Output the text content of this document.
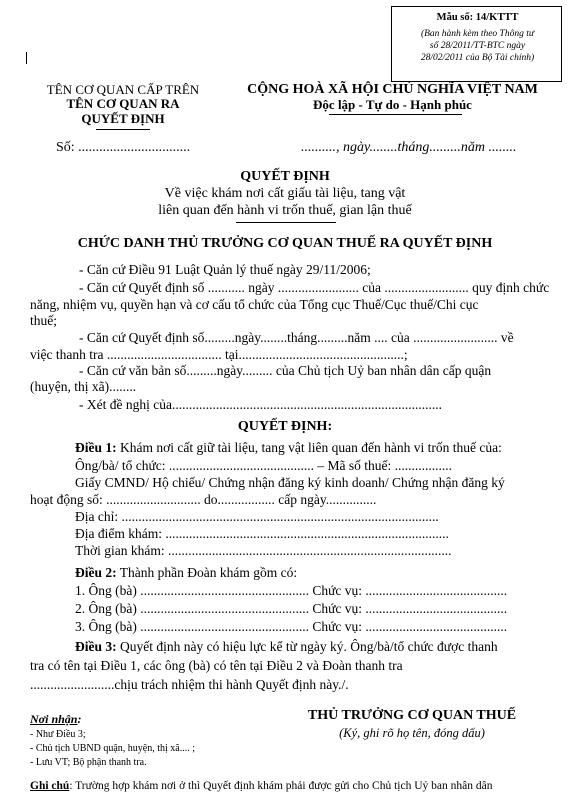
Mẫu số: 14/KTTT
(Ban hành kèm theo Thông tư
số 28/2011/TT-BTC ngày
28/02/2011 của Bộ Tài chính)
TÊN CƠ QUAN CẤP TRÊN
TÊN CƠ QUAN RA
QUYẾT ĐỊNH
CỘNG HOÀ XÃ HỘI CHỦ NGHĨA VIỆT NAM
Độc lập - Tự do - Hạnh phúc
Số: ................................	.........., ngày........tháng.........năm ........
QUYẾT ĐỊNH
Về việc khám nơi cất giấu tài liệu, tang vật
liên quan đến hành vi trốn thuế, gian lận thuế
CHỨC DANH THỦ TRƯỞNG CƠ QUAN THUẾ RA QUYẾT ĐỊNH
- Căn cứ Điều 91 Luật Quản lý thuế ngày 29/11/2006;
- Căn cứ Quyết định số ........... ngày ........................ của ......................... quy định chức
năng, nhiệm vụ, quyền hạn và cơ cấu tổ chức của Tổng cục Thuế/Cục thuế/Chi cục
thuế;
- Căn cứ Quyết định số.........ngày........tháng.........năm .... của ......................... về
việc thanh tra .................................. tại.................................................;
- Căn cứ văn bản số.........ngày......... của Chủ tịch Uỷ ban nhân dân cấp quận
(huyện, thị xã)........
- Xét đề nghị của................................................................................
QUYẾT ĐỊNH:
Điều 1: Khám nơi cất giữ tài liệu, tang vật liên quan đến hành vi trốn thuế của:
Ông/bà/ tổ chức: ........................................... – Mã số thuế: .................
Giấy CMND/ Hộ chiếu/ Chứng nhận đăng ký kinh doanh/ Chứng nhận đăng ký
hoạt động số: ............................ do................. cấp ngày...............
Địa chỉ: ..............................................................................................
Địa điểm khám: ....................................................................................
Thời gian khám: ....................................................................................
Điều 2: Thành phần Đoàn khám gồm có:
1. Ông (bà) .................................................. Chức vụ: ..........................................
2. Ông (bà) .................................................. Chức vụ: ..........................................
3. Ông (bà) .................................................. Chức vụ: ..........................................
Điều 3: Quyết định này có hiệu lực kể từ ngày ký. Ông/bà/tổ chức được thanh
tra có tên tại Điều 1, các ông (bà) có tên tại Điều 2 và Đoàn thanh tra
.........................chịu trách nhiệm thi hành Quyết định này./.
Nơi nhận:
- Như Điều 3;
- Chủ tịch UBND quận, huyện, thị xã.... ;
- Lưu VT; Bộ phận thanh tra.
THỦ TRƯỞNG CƠ QUAN THUẾ
(Ký, ghi rõ họ tên, đóng dấu)
Ghi chú: Trường hợp khám nơi ở thì Quyết định khám phải được gửi cho Chủ tịch Uỷ ban nhân dân
